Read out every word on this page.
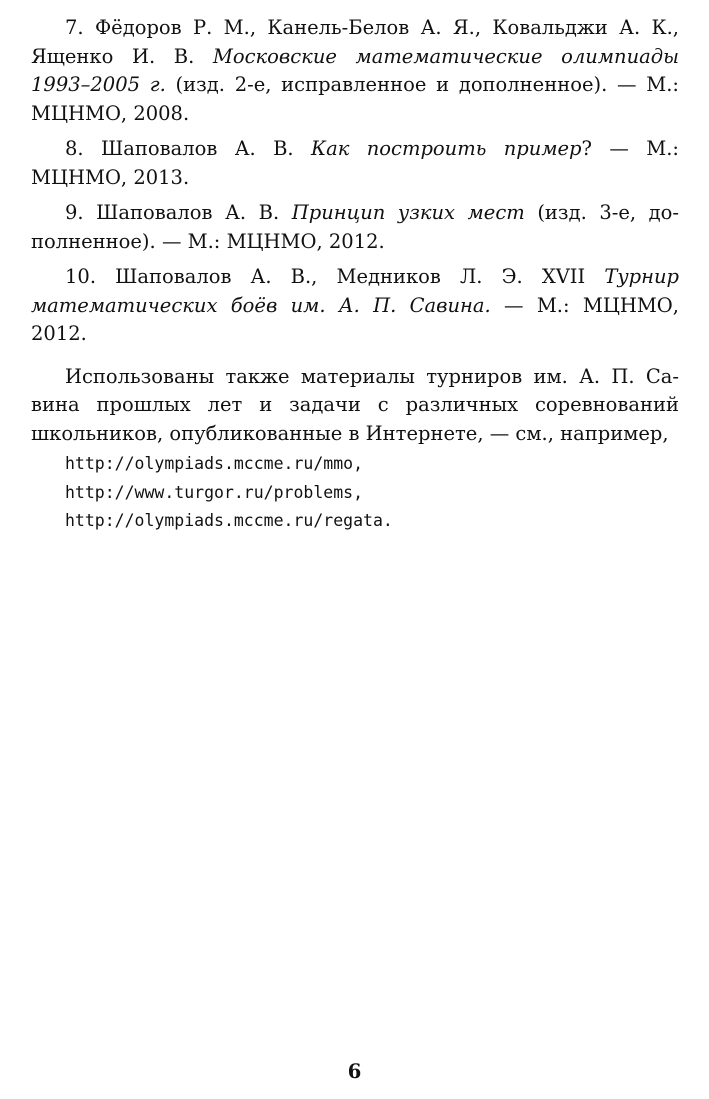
7. Фёдоров Р. М., Канель-Белов А. Я., Ковальджи А. К., Ященко И. В. Московские математические олимпиады 1993–2005 г. (изд. 2-е, исправленное и дополненное). — М.: МЦНМО, 2008.

8. Шаповалов А. В. Как построить пример? — М.: МЦНМО, 2013.

9. Шаповалов А. В. Принцип узких мест (изд. 3-е, дополненное). — М.: МЦНМО, 2012.

10. Шаповалов А. В., Медников Л. Э. XVII Турнир математических боёв им. А. П. Савина. — М.: МЦНМО, 2012.

Использованы также материалы турниров им. А. П. Савина прошлых лет и задачи с различных соревнований школьников, опубликованные в Интернете, — см., например,

http://olympiads.mccme.ru/mmo,
http://www.turgor.ru/problems,
http://olympiads.mccme.ru/regata.
6
